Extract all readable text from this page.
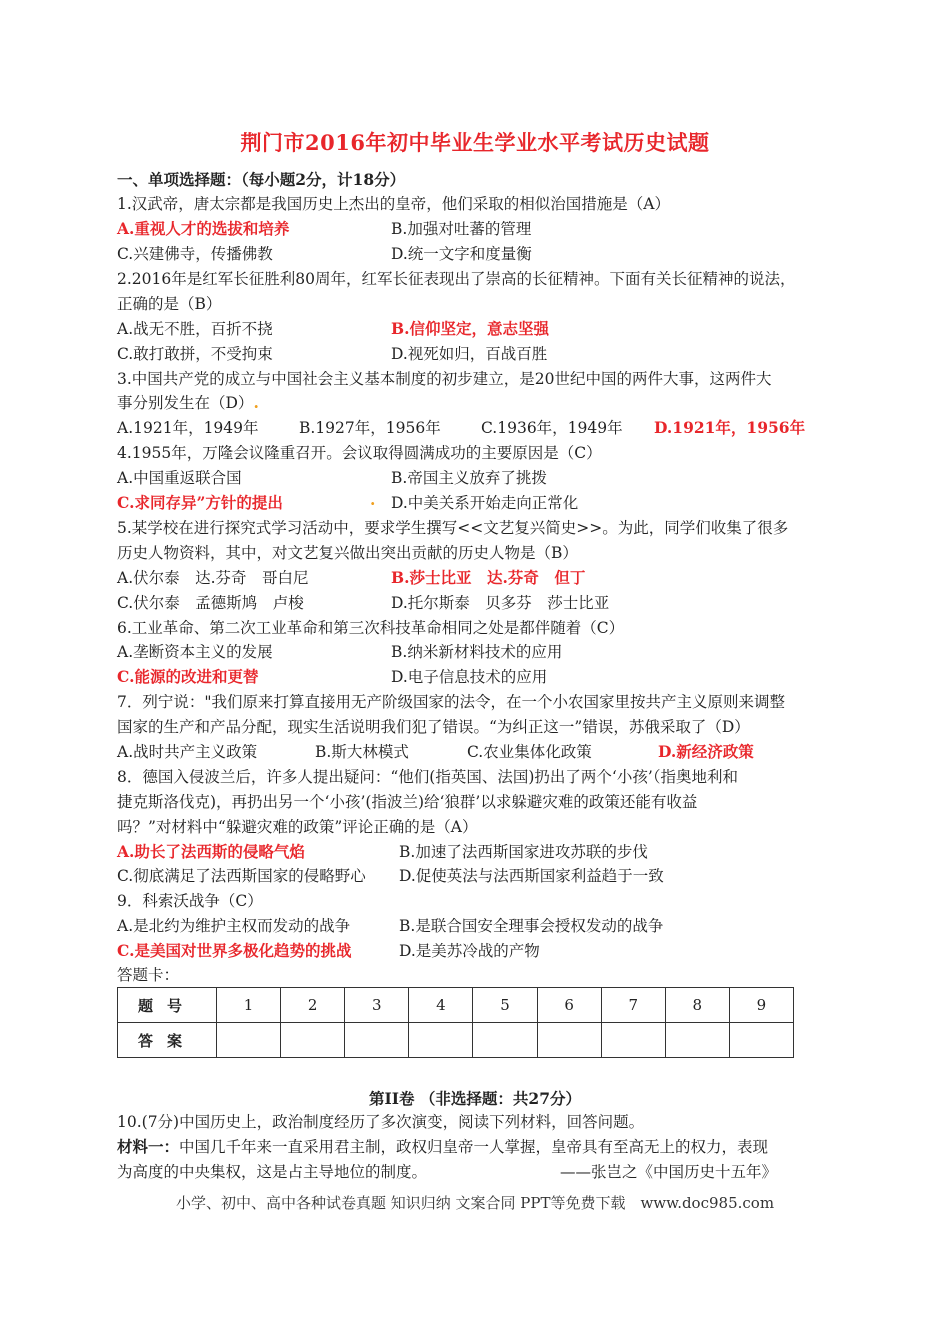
荆门市2016年初中毕业生学业水平考试历史试题
一、单项选择题：（每小题2分，计18分）
1.汉武帝，唐太宗都是我国历史上杰出的皇帝，他们采取的相似治国措施是（A）
A.重视人才的选拔和培养	B.加强对吐蕃的管理
C.兴建佛寺，传播佛教	D.统一文字和度量衡
2.2016年是红军长征胜利80周年，红军长征表现出了崇高的长征精神。下面有关长征精神的说法，
正确的是（B）
A.战无不胜，百折不挠	B.信仰坚定，意志坚强
C.敢打敢拼，不受拘束	D.视死如归，百战百胜
3.中国共产党的成立与中国社会主义基本制度的初步建立，是20世纪中国的两件大事，这两件大
事分别发生在（D）.
A.1921年，1949年	B.1927年，1956年	C.1936年，1949年 D.1921年，1956年
4.1955年，万隆会议隆重召开。会议取得圆满成功的主要原因是（C）
A.中国重返联合国	B.帝国主义放弃了挑拨
C.求同存异”方针的提出	. D.中美关系开始走向正常化
5.某学校在进行探究式学习活动中，要求学生撰写<<文艺复兴简史>>。为此，同学们收集了很多
历史人物资料，其中，对文艺复兴做出突出贡献的历史人物是（B）
A.伏尔泰　达.芬奇　哥白尼	B.莎士比亚　达.芬奇　但丁
C.伏尔泰　孟德斯鸠　卢梭	D.托尔斯泰　贝多芬　莎士比亚
6.工业革命、第二次工业革命和第三次科技革命相同之处是都伴随着（C）
A.垄断资本主义的发展	B.纳米新材料技术的应用
C.能源的改进和更替	D.电子信息技术的应用
7．列宁说："我们原来打算直接用无产阶级国家的法令，在一个小农国家里按共产主义原则来调整
国家的生产和产品分配，现实生活说明我们犯了错误。“为纠正这一”错误，苏俄采取了（D）
A.战时共产主义政策	B.斯大林模式	C.农业集体化政策	D.新经济政策
8．德国入侵波兰后，许多人提出疑问：“他们(指英国、法国)扔出了两个‘小孩’（指奥地利和
捷克斯洛伐克)，再扔出另一个‘小孩’(指波兰)给‘狼群’以求躲避灾难的政策还能有收益
吗？”对材料中“躲避灾难的政策”评论正确的是（A）
A.助长了法西斯的侵略气焰	B.加速了法西斯国家进攻苏联的步伐
C.彻底满足了法西斯国家的侵略野心 D.促使英法与法西斯国家利益趋于一致
9．科索沃战争（C）
A.是北约为维护主权而发动的战争	B.是联合国安全理事会授权发动的战争
C.是美国对世界多极化趋势的挑战	D.是美苏冷战的产物
答题卡：
题号	1	2	3	4	5	6	7	8	9
答案									
第II卷 （非选择题：共27分）
10.(7分)中国历史上，政治制度经历了多次演变，阅读下列材料，回答问题。
材料一：中国几千年来一直采用君主制，政权归皇帝一人掌握，皇帝具有至高无上的权力，表现
为高度的中央集权，这是占主导地位的制度。	——张岂之《中国历史十五年》
小学、初中、高中各种试卷真题 知识归纳 文案合同 PPT等免费下载　www.doc985.com
